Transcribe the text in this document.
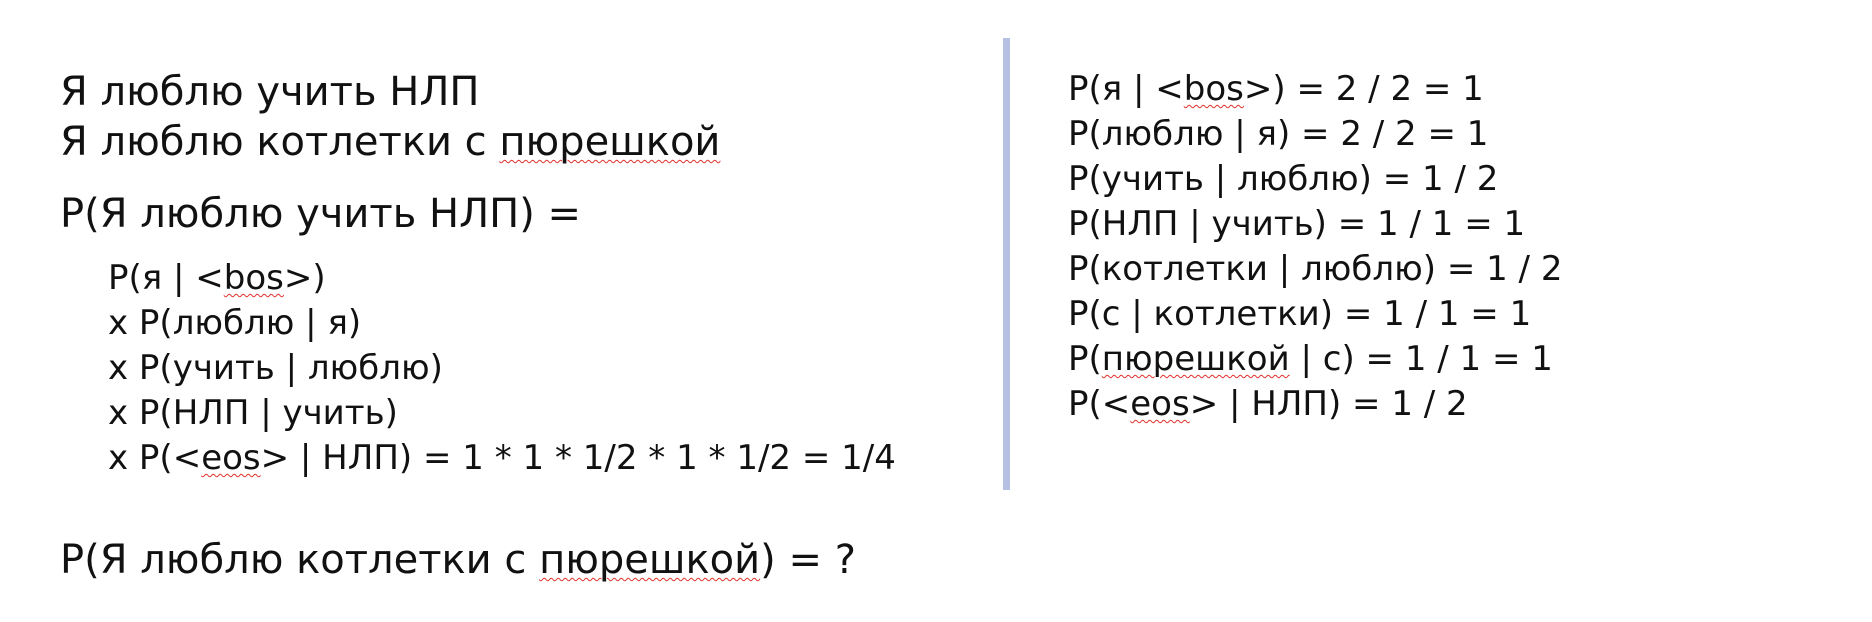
Я люблю учить НЛП
Я люблю котлетки с пюрешкой
P(Я люблю учить НЛП) =
P(я | <bos>)
x P(люблю | я)
x P(учить | люблю)
x P(НЛП | учить)
x P(<eos> | НЛП) = 1 * 1 * 1/2 * 1 * 1/2 = 1/4
P(Я люблю котлетки с пюрешкой) = ?
P(я | <bos>) = 2 / 2 = 1
P(люблю | я) = 2 / 2 = 1
P(учить | люблю) = 1 / 2
P(НЛП | учить) = 1 / 1 = 1
P(котлетки | люблю) = 1 / 2
P(с | котлетки) = 1 / 1 = 1
P(пюрешкой | с) = 1 / 1 = 1
P(<eos> | НЛП) = 1 / 2
